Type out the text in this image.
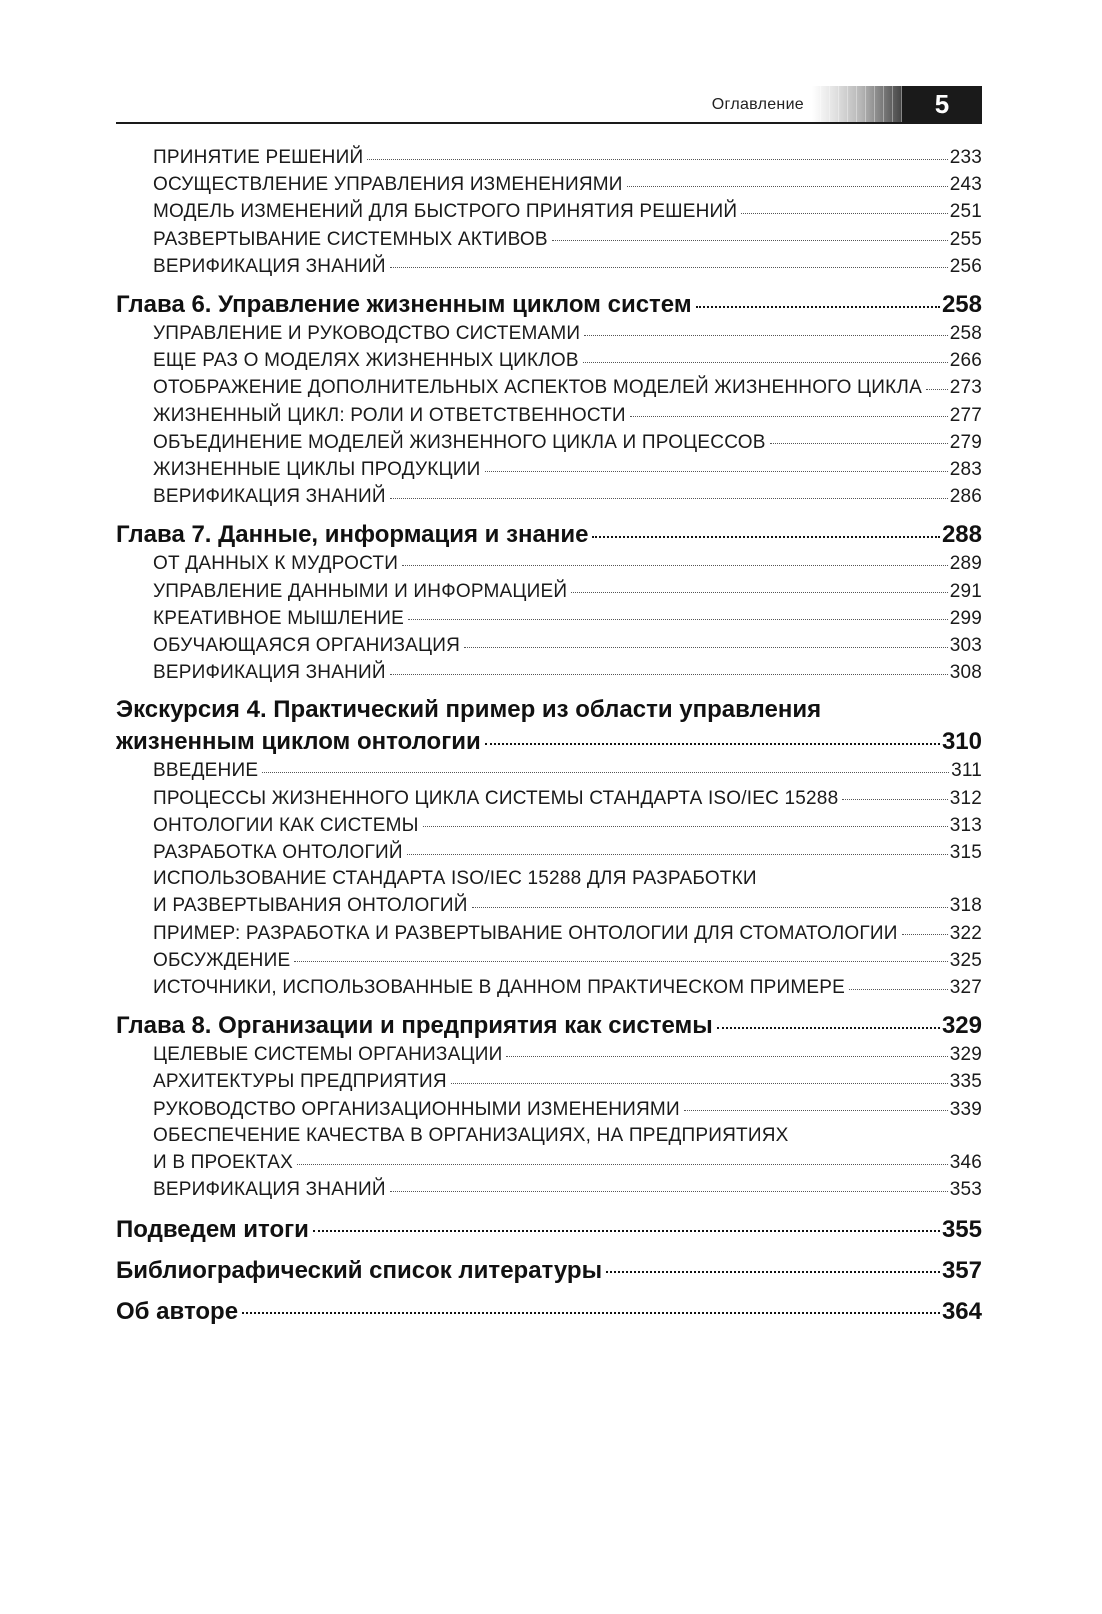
Оглавление	5
ПРИНЯТИЕ РЕШЕНИЙ	233
ОСУЩЕСТВЛЕНИЕ УПРАВЛЕНИЯ ИЗМЕНЕНИЯМИ	243
МОДЕЛЬ ИЗМЕНЕНИЙ ДЛЯ БЫСТРОГО ПРИНЯТИЯ РЕШЕНИЙ	251
РАЗВЕРТЫВАНИЕ СИСТЕМНЫХ АКТИВОВ	255
ВЕРИФИКАЦИЯ ЗНАНИЙ	256
Глава 6. Управление жизненным циклом систем	258
УПРАВЛЕНИЕ И РУКОВОДСТВО СИСТЕМАМИ	258
ЕЩЕ РАЗ О МОДЕЛЯХ ЖИЗНЕННЫХ ЦИКЛОВ	266
ОТОБРАЖЕНИЕ ДОПОЛНИТЕЛЬНЫХ АСПЕКТОВ МОДЕЛЕЙ ЖИЗНЕННОГО ЦИКЛА 273
ЖИЗНЕННЫЙ ЦИКЛ: РОЛИ И ОТВЕТСТВЕННОСТИ	277
ОБЪЕДИНЕНИЕ МОДЕЛЕЙ ЖИЗНЕННОГО ЦИКЛА И ПРОЦЕССОВ	279
ЖИЗНЕННЫЕ ЦИКЛЫ ПРОДУКЦИИ	283
ВЕРИФИКАЦИЯ ЗНАНИЙ	286
Глава 7. Данные, информация и знание	288
ОТ ДАННЫХ К МУДРОСТИ	289
УПРАВЛЕНИЕ ДАННЫМИ И ИНФОРМАЦИЕЙ	291
КРЕАТИВНОЕ МЫШЛЕНИЕ	299
ОБУЧАЮЩАЯСЯ ОРГАНИЗАЦИЯ	303
ВЕРИФИКАЦИЯ ЗНАНИЙ	308
Экскурсия 4. Практический пример из области управления
жизненным циклом онтологии	310
ВВЕДЕНИЕ	311
ПРОЦЕССЫ ЖИЗНЕННОГО ЦИКЛА СИСТЕМЫ СТАНДАРТА ISO/IEC 15288	312
ОНТОЛОГИИ КАК СИСТЕМЫ	313
РАЗРАБОТКА ОНТОЛОГИЙ	315
ИСПОЛЬЗОВАНИЕ СТАНДАРТА ISO/IEC 15288 ДЛЯ РАЗРАБОТКИ
И РАЗВЕРТЫВАНИЯ ОНТОЛОГИЙ	318
ПРИМЕР: РАЗРАБОТКА И РАЗВЕРТЫВАНИЕ ОНТОЛОГИИ ДЛЯ СТОМАТОЛОГИИ	322
ОБСУЖДЕНИЕ	325
ИСТОЧНИКИ, ИСПОЛЬЗОВАННЫЕ В ДАННОМ ПРАКТИЧЕСКОМ ПРИМЕРЕ	327
Глава 8. Организации и предприятия как системы	329
ЦЕЛЕВЫЕ СИСТЕМЫ ОРГАНИЗАЦИИ	329
АРХИТЕКТУРЫ ПРЕДПРИЯТИЯ	335
РУКОВОДСТВО ОРГАНИЗАЦИОННЫМИ ИЗМЕНЕНИЯМИ	339
ОБЕСПЕЧЕНИЕ КАЧЕСТВА В ОРГАНИЗАЦИЯХ, НА ПРЕДПРИЯТИЯХ
И В ПРОЕКТАХ	346
ВЕРИФИКАЦИЯ ЗНАНИЙ	353
Подведем итоги	355
Библиографический список литературы	357
Об авторе	364
